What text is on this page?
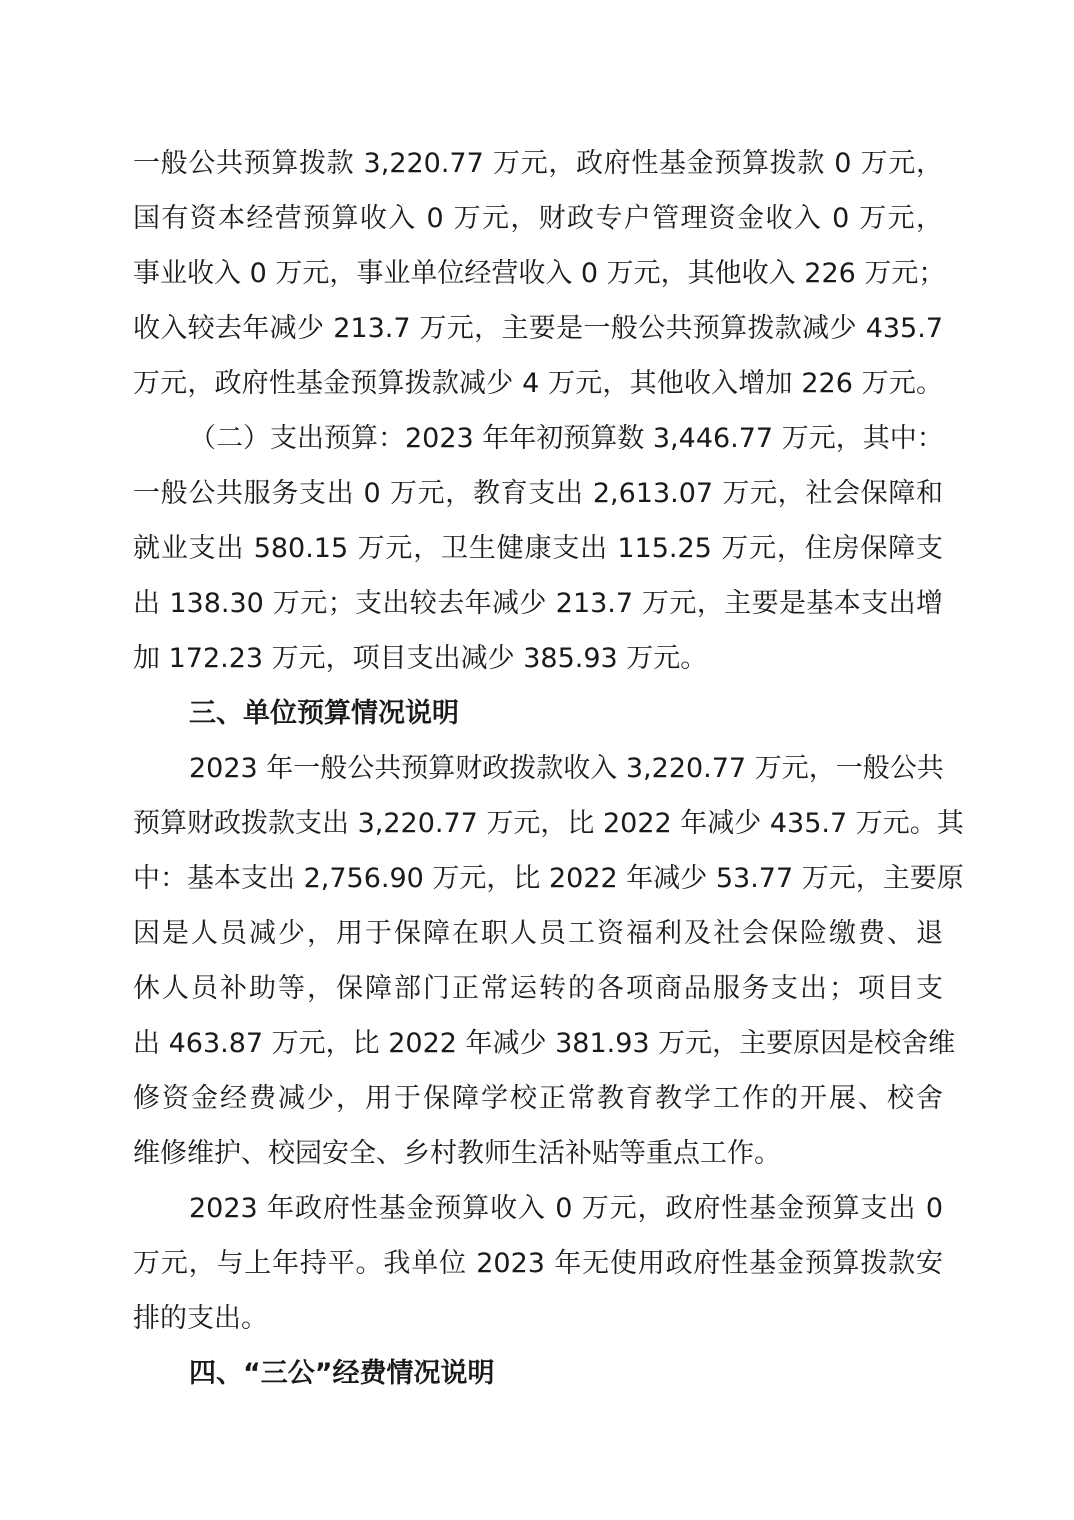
一般公共预算拨款 3,220.77 万元，政府性基金预算拨款 0 万元，
国有资本经营预算收入 0 万元，财政专户管理资金收入 0 万元，
事业收入 0 万元，事业单位经营收入 0 万元，其他收入 226 万元；
收入较去年减少 213.7 万元，主要是一般公共预算拨款减少 435.7
万元，政府性基金预算拨款减少 4 万元，其他收入增加 226 万元。
（二）支出预算：2023 年年初预算数 3,446.77 万元，其中：
一般公共服务支出 0 万元，教育支出 2,613.07 万元，社会保障和
就业支出 580.15 万元，卫生健康支出 115.25 万元，住房保障支
出 138.30 万元；支出较去年减少 213.7 万元，主要是基本支出增
加 172.23 万元，项目支出减少 385.93 万元。
三、单位预算情况说明
2023 年一般公共预算财政拨款收入 3,220.77 万元，一般公共
预算财政拨款支出 3,220.77 万元，比 2022 年减少 435.7 万元。其
中：基本支出 2,756.90 万元，比 2022 年减少 53.77 万元，主要原
因是人员减少，用于保障在职人员工资福利及社会保险缴费、退
休人员补助等，保障部门正常运转的各项商品服务支出；项目支
出 463.87 万元，比 2022 年减少 381.93 万元，主要原因是校舍维
修资金经费减少，用于保障学校正常教育教学工作的开展、校舍
维修维护、校园安全、乡村教师生活补贴等重点工作。
2023 年政府性基金预算收入 0 万元，政府性基金预算支出 0
万元，与上年持平。我单位 2023 年无使用政府性基金预算拨款安
排的支出。
四、“三公”经费情况说明
